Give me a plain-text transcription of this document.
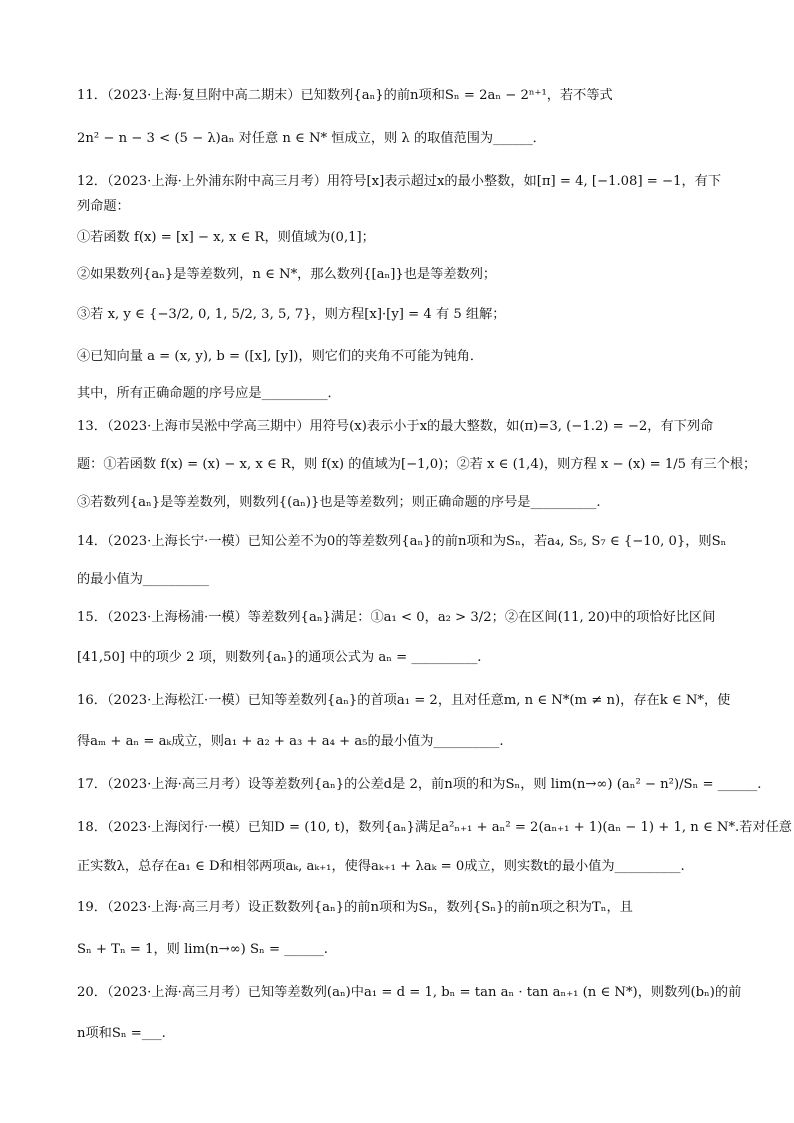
11．（2023·上海·复旦附中高二期末）已知数列{aₙ}的前n项和Sₙ = 2aₙ − 2ⁿ⁺¹，若不等式
2n² − n − 3 < (5 − λ)aₙ 对任意 n ∈ N* 恒成立，则 λ 的取值范围为______．
12．（2023·上海·上外浦东附中高三月考）用符号[x]表示超过x的最小整数，如[π] = 4, [−1.08] = −1，有下
列命题：
①若函数 f(x) = [x] − x, x ∈ R，则值域为(0,1]；
②如果数列{aₙ}是等差数列，n ∈ N*，那么数列{[aₙ]}也是等差数列；
③若 x, y ∈ {−3/2, 0, 1, 5/2, 3, 5, 7}，则方程[x]·[y] = 4 有 5 组解；
④已知向量 a = (x, y), b = ([x], [y])，则它们的夹角不可能为钝角．
其中，所有正确命题的序号应是__________．
13．（2023·上海市吴淞中学高三期中）用符号(x)表示小于x的最大整数，如(π)=3, (−1.2) = −2，有下列命
题：①若函数 f(x) = (x) − x, x ∈ R，则 f(x) 的值域为[−1,0)；②若 x ∈ (1,4)，则方程 x − (x) = 1/5 有三个根；
③若数列{aₙ}是等差数列，则数列{(aₙ)}也是等差数列；则正确命题的序号是__________.
14．（2023·上海长宁·一模）已知公差不为0的等差数列{aₙ}的前n项和为Sₙ，若a₄, S₅, S₇ ∈ {−10, 0}，则Sₙ
的最小值为__________
15．（2023·上海杨浦·一模）等差数列{aₙ}满足：①a₁ < 0，a₂ > 3/2；②在区间(11, 20)中的项恰好比区间
[41,50] 中的项少 2 项，则数列{aₙ}的通项公式为 aₙ = __________.
16．（2023·上海松江·一模）已知等差数列{aₙ}的首项a₁ = 2，且对任意m, n ∈ N*(m ≠ n)，存在k ∈ N*，使
得aₘ + aₙ = aₖ成立，则a₁ + a₂ + a₃ + a₄ + a₅的最小值为__________.
17．（2023·上海·高三月考）设等差数列{aₙ}的公差d是 2，前n项的和为Sₙ，则 lim(n→∞) (aₙ² − n²)/Sₙ = ______.
18．（2023·上海闵行·一模）已知D = (10, t)，数列{aₙ}满足a²ₙ₊₁ + aₙ² = 2(aₙ₊₁ + 1)(aₙ − 1) + 1, n ∈ N*.若对任意
正实数λ，总存在a₁ ∈ D和相邻两项aₖ, aₖ₊₁，使得aₖ₊₁ + λaₖ = 0成立，则实数t的最小值为__________.
19．（2023·上海·高三月考）设正数数列{aₙ}的前n项和为Sₙ，数列{Sₙ}的前n项之积为Tₙ，且
Sₙ + Tₙ = 1，则 lim(n→∞) Sₙ = ______.
20．（2023·上海·高三月考）已知等差数列(aₙ)中a₁ = d = 1, bₙ = tan aₙ · tan aₙ₊₁ (n ∈ N*)，则数列(bₙ)的前
n项和Sₙ =___.
